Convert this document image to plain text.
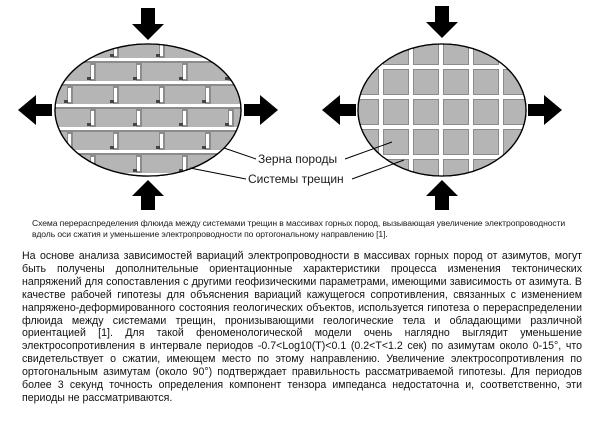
Зерна породы
Системы трещин

Схема перераспределения флюида между системами трещин в массивах горных пород, вызывающая увеличение электропроводности вдоль оси сжатия и уменьшение электропроводности по ортогональному направлению [1].

На основе анализа зависимостей вариаций электропроводности в массивах горных пород от азимутов, могут быть получены дополнительные ориентационные характеристики процесса изменения тектонических напряжений для сопоставления с другими геофизическими параметрами, имеющими зависимость от азимута. В качестве рабочей гипотезы для объяснения вариаций кажущегося сопротивления, связанных с изменением напряжено-деформированного состояния геологических объектов, используется гипотеза о перераспределении флюида между системами трещин, пронизывающими геологические тела и обладающими различной ориентацией [1]. Для такой феноменологической модели очень наглядно выглядит уменьшение электросопротивления в интервале периодов -0.7<Log10(T)<0.1 (0.2<T<1.2 сек) по азимутам около 0-15°, что свидетельствует о сжатии, имеющем место по этому направлению. Увеличение электросопротивления по ортогональным азимутам (около 90°) подтверждает правильность рассматриваемой гипотезы. Для периодов более 3 секунд точность определения компонент тензора импеданса недостаточна и, соответственно, эти периоды не рассматриваются.
